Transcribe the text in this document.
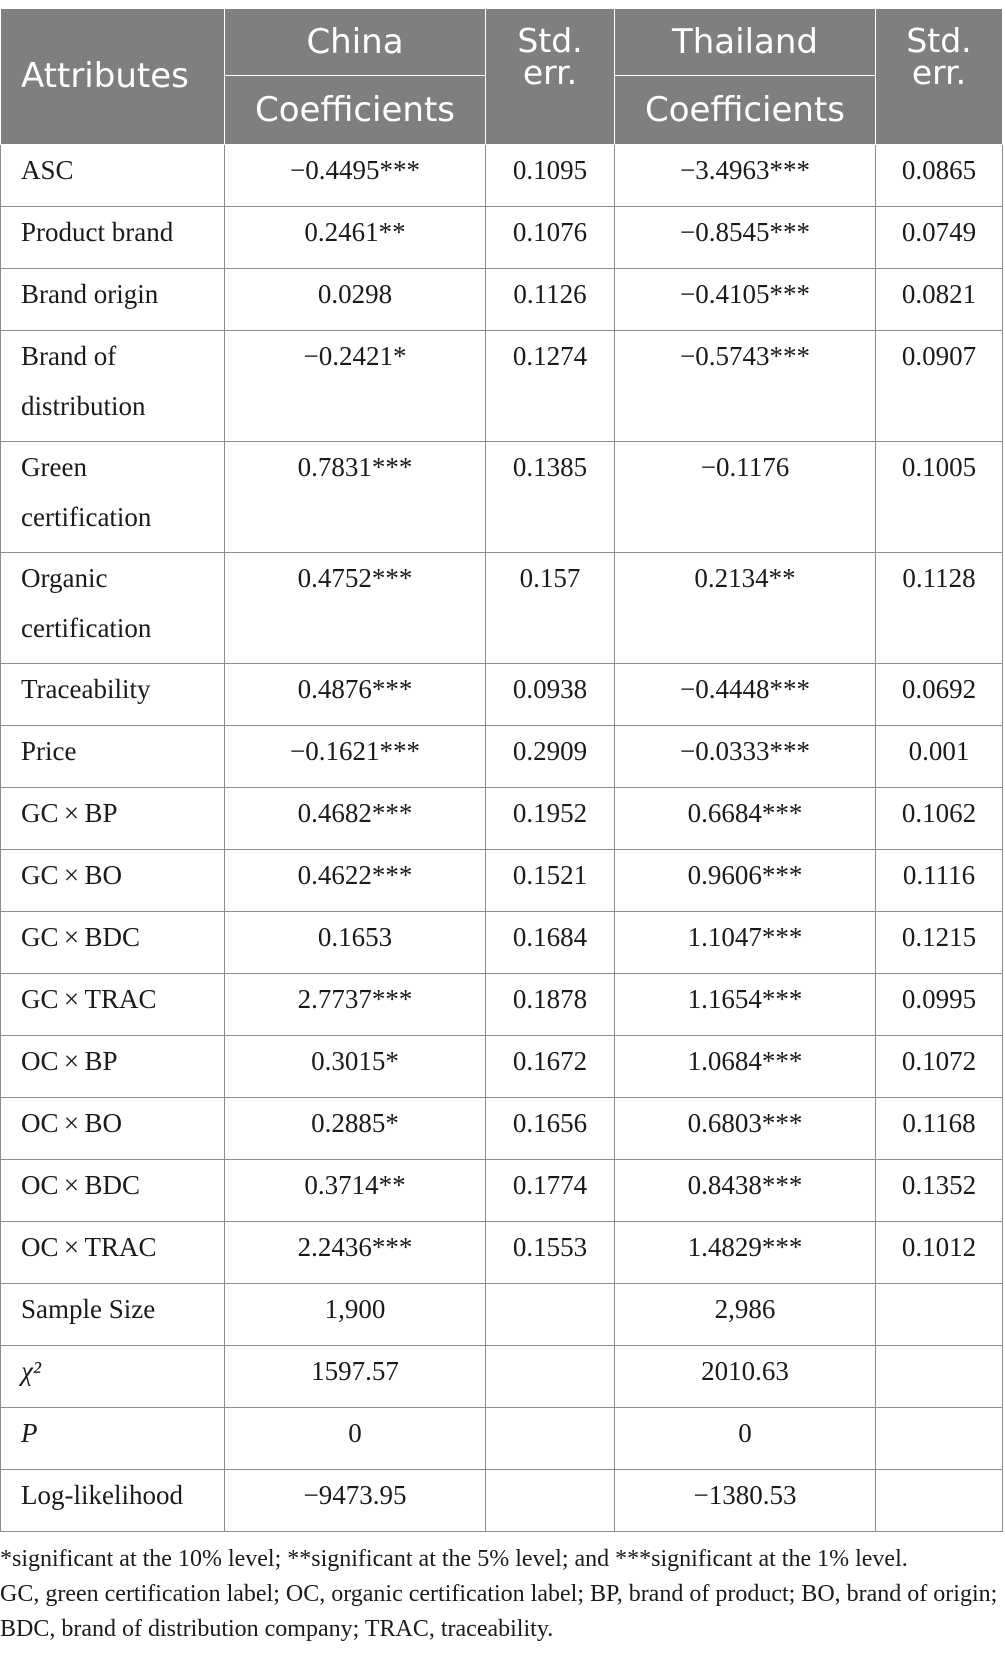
Attributes	China	Std. err.	Thailand	Std. err.
	Coefficients		Coefficients	
ASC	−0.4495***	0.1095	−3.4963***	0.0865
Product brand	0.2461**	0.1076	−0.8545***	0.0749
Brand origin	0.0298	0.1126	−0.4105***	0.0821
Brand of distribution	−0.2421*	0.1274	−0.5743***	0.0907
Green certification	0.7831***	0.1385	−0.1176	0.1005
Organic certification	0.4752***	0.157	0.2134**	0.1128
Traceability	0.4876***	0.0938	−0.4448***	0.0692
Price	−0.1621***	0.2909	−0.0333***	0.001
GC × BP	0.4682***	0.1952	0.6684***	0.1062
GC × BO	0.4622***	0.1521	0.9606***	0.1116
GC × BDC	0.1653	0.1684	1.1047***	0.1215
GC × TRAC	2.7737***	0.1878	1.1654***	0.0995
OC × BP	0.3015*	0.1672	1.0684***	0.1072
OC × BO	0.2885*	0.1656	0.6803***	0.1168
OC × BDC	0.3714**	0.1774	0.8438***	0.1352
OC × TRAC	2.2436***	0.1553	1.4829***	0.1012
Sample Size	1,900		2,986	
χ²	1597.57		2010.63	
P	0		0	
Log-likelihood	−9473.95		−1380.53	

*significant at the 10% level; **significant at the 5% level; and ***significant at the 1% level.

GC, green certification label; OC, organic certification label; BP, brand of product; BO, brand of origin; BDC, brand of distribution company; TRAC, traceability.
